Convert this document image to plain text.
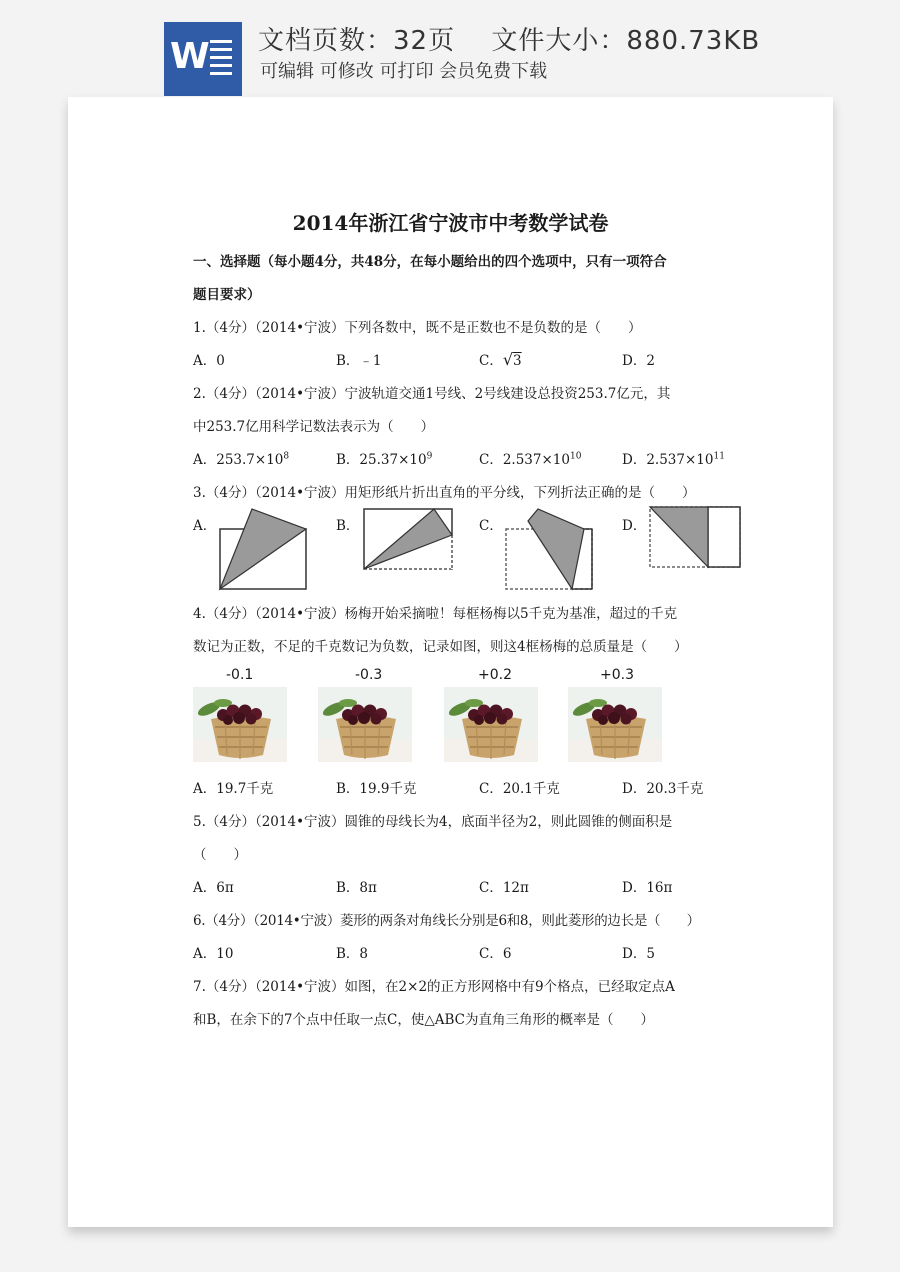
W 文档页数：32页　 文件大小：880.73KB
可编辑 可修改 可打印 会员免费下载
2014年浙江省宁波市中考数学试卷
一、选择题（每小题4分，共48分，在每小题给出的四个选项中，只有一项符合
题目要求）
1.（4分）（2014•宁波）下列各数中，既不是正数也不是负数的是（　　）
A．0	B．﹣1	C．√3	D．2
2.（4分）（2014•宁波）宁波轨道交通1号线、2号线建设总投资253.7亿元，其
中253.7亿用科学记数法表示为（　　）
A．$253.7\times 10^8$	B．$25.37\times 10^9$	C．$2.537\times 10^{10}$	D．$2.537\times 10^{11}$
3.（4分）（2014•宁波）用矩形纸片折出直角的平分线，下列折法正确的是（　　）
A．	B．	C．	D．
4.（4分）（2014•宁波）杨梅开始采摘啦！每框杨梅以5千克为基准，超过的千克
数记为正数，不足的千克数记为负数，记录如图，则这4框杨梅的总质量是（　　）
-0.1	-0.3	+0.2	+0.3
A．19.7千克	B．19.9千克	C．20.1千克	D．20.3千克
5.（4分）（2014•宁波）圆锥的母线长为4，底面半径为2，则此圆锥的侧面积是
（　　）
A．6π	B．8π	C．12π	D．16π
6.（4分）（2014•宁波）菱形的两条对角线长分别是6和8，则此菱形的边长是（　　）
A．10	B．8	C．6	D．5
7.（4分）（2014•宁波）如图，在2×2的正方形网格中有9个格点，已经取定点A
和B，在余下的7个点中任取一点C，使△ABC为直角三角形的概率是（　　）
